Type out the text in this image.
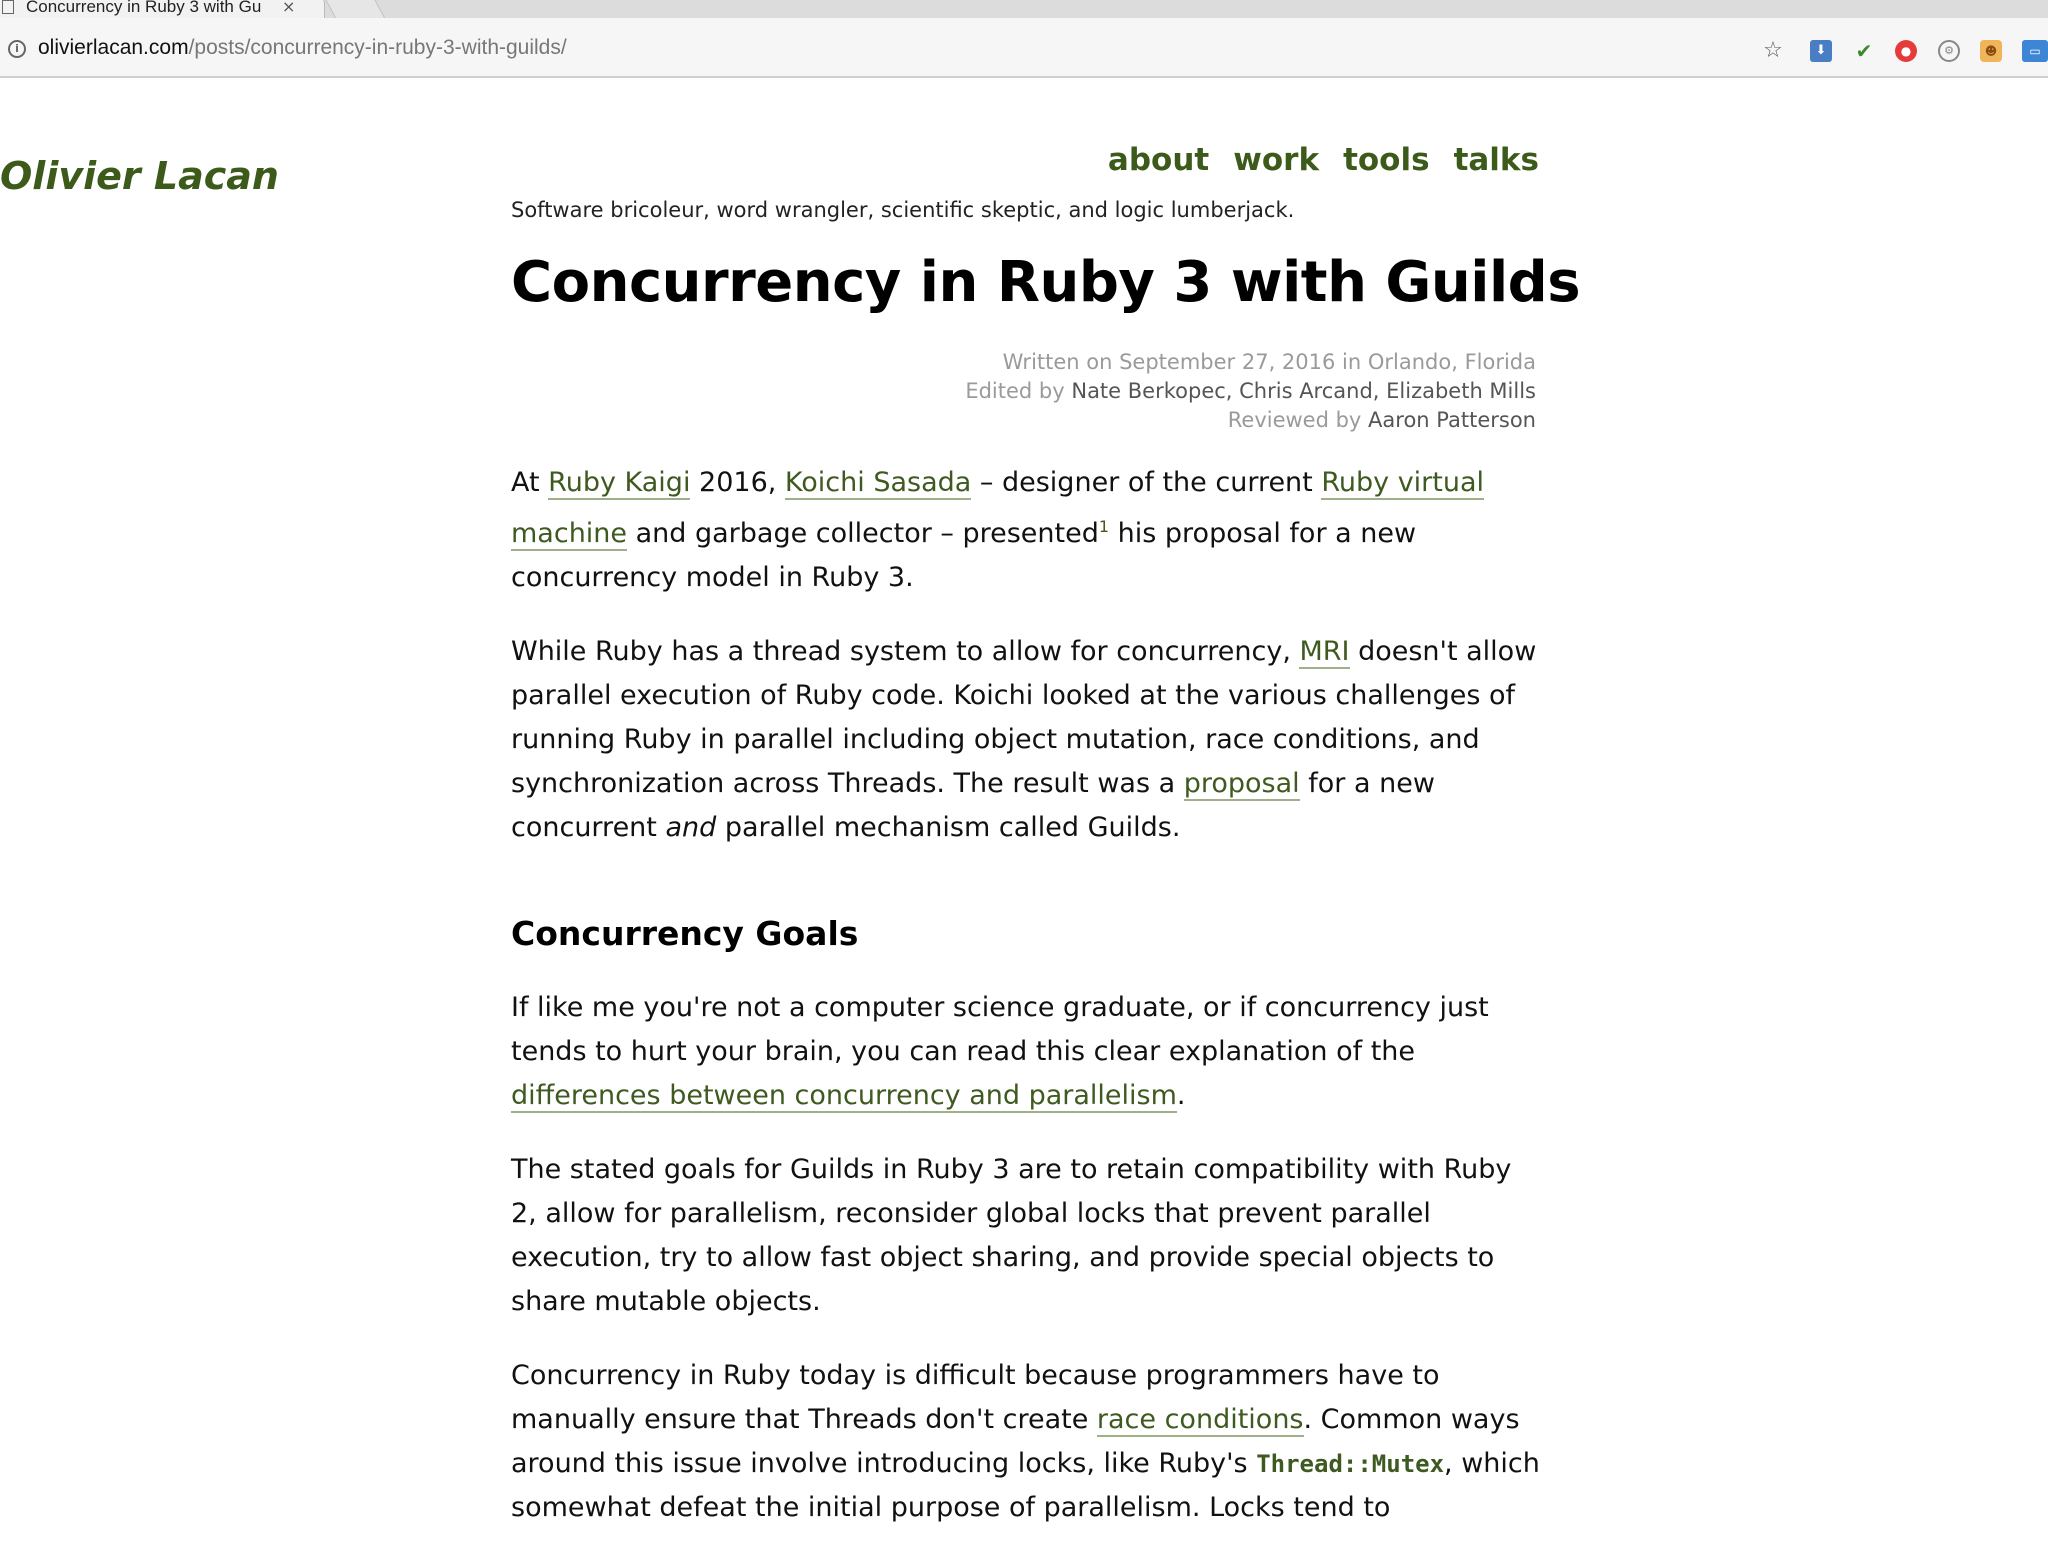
Concurrency in Ruby 3 with Gu	×
i olivierlacan.com/posts/concurrency-in-ruby-3-with-guilds/	☆	⬇ ✔	●	⚙	☻	▭
Olivier Lacan	about work tools talks
Software bricoleur, word wrangler, scientific skeptic, and logic lumberjack.
Concurrency in Ruby 3 with Guilds
Written on September 27, 2016 in Orlando, Florida
Edited by Nate Berkopec, Chris Arcand, Elizabeth Mills
Reviewed by Aaron Patterson

At Ruby Kaigi 2016, Koichi Sasada – designer of the current Ruby virtual machine and garbage collector – presented$^1$ his proposal for a new concurrency model in Ruby 3.

While Ruby has a thread system to allow for concurrency, MRI doesn't allow parallel execution of Ruby code. Koichi looked at the various challenges of running Ruby in parallel including object mutation, race conditions, and synchronization across Threads. The result was a proposal for a new concurrent and parallel mechanism called Guilds.

Concurrency Goals

If like me you're not a computer science graduate, or if concurrency just tends to hurt your brain, you can read this clear explanation of the differences between concurrency and parallelism.

The stated goals for Guilds in Ruby 3 are to retain compatibility with Ruby 2, allow for parallelism, reconsider global locks that prevent parallel execution, try to allow fast object sharing, and provide special objects to share mutable objects.

Concurrency in Ruby today is difficult because programmers have to manually ensure that Threads don't create race conditions. Common ways around this issue involve introducing locks, like Ruby's Thread::Mutex, which somewhat defeat the initial purpose of parallelism. Locks tend to
